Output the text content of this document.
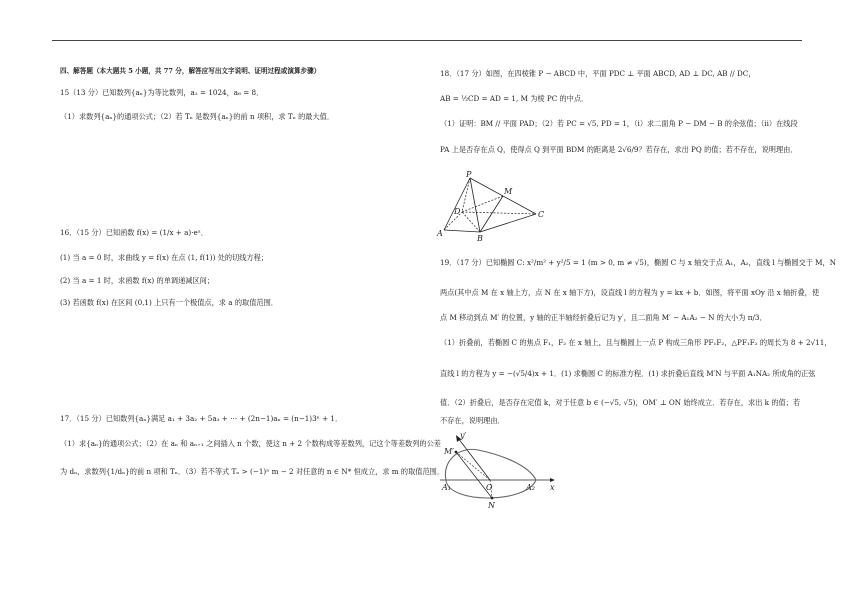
四、解答题（本大题共 5 小题，共 77 分，解答应写出文字说明、证明过程或演算步骤）
15（13 分）已知数列{aₙ}为等比数列，a₂ = 1024，a₆ = 8．
（1）求数列{aₙ}的通项公式；（2）若 Tₙ 是数列{aₙ}的前 n 项积，求 Tₙ 的最大值．
16．（15 分）已知函数 f(x) = (1/x + a)·eˣ．
(1) 当 a = 0 时，求曲线 y = f(x) 在点 (1, f(1)) 处的切线方程；
(2) 当 a = 1 时，求函数 f(x) 的单调递减区间；
(3) 若函数 f(x) 在区间 (0,1) 上只有一个极值点，求 a 的取值范围．
17．（15 分）已知数列{aₙ}满足 a₁ + 3a₂ + 5a₃ + ⋯ + (2n−1)aₙ = (n−1)3ⁿ + 1．
（1）求{aₙ}的通项公式；（2）在 aₙ 和 aₙ₊₁ 之间插入 n 个数，使这 n + 2 个数构成等差数列，记这个等差数列的公差
为 dₙ，求数列{1/dₙ}的前 n 项和 Tₙ．（3）若不等式 Tₙ > (−1)ⁿ m − 2 对任意的 n ∈ N* 恒成立，求 m 的取值范围．
18．（17 分）如图，在四棱锥 P − ABCD 中，平面 PDC ⊥ 平面 ABCD, AD ⊥ DC, AB // DC，
AB = ½CD = AD = 1, M 为棱 PC 的中点．
（1）证明：BM // 平面 PAD；（2）若 PC = √5, PD = 1，（i）求二面角 P − DM − B 的余弦值；（ii）在线段
PA 上是否存在点 Q，使得点 Q 到平面 BDM 的距离是 2√6/9？若存在，求出 PQ 的值；若不存在，说明理由．
P
M
D	C
A
B
19．（17 分）已知椭圆 C: x²/m² + y²/5 = 1 (m > 0, m ≠ √5)，椭圆 C 与 x 轴交于点 A₁，A₂，直线 l 与椭圆交于 M，N
两点(其中点 M 在 x 轴上方，点 N 在 x 轴下方)，设直线 l 的方程为 y = kx + b．如图，将平面 xOy 沿 x 轴折叠，使
点 M 移动到点 M′ 的位置，y 轴的正半轴经折叠后记为 y′，且二面角 M′ − A₁A₂ − N 的大小为 π/3．
（1）折叠前，若椭圆 C 的焦点 F₁，F₂ 在 x 轴上，且与椭圆上一点 P 构成三角形 PF₁F₂，△PF₁F₂ 的周长为 8 + 2√11，
直线 l 的方程为 y = −(√5/4)x + 1．(1) 求椭圆 C 的标准方程．(1) 求折叠后直线 M′N 与平面 A₁NA₂ 所成角的正弦
值．（2）折叠后，是否存在定值 k，对于任意 b ∈ (−√5, √5)，OM′ ⊥ ON 始终成立．若存在，求出 k 的值；若
不存在，说明理由．
y′
M′
A₁	O	A₂ x
N
